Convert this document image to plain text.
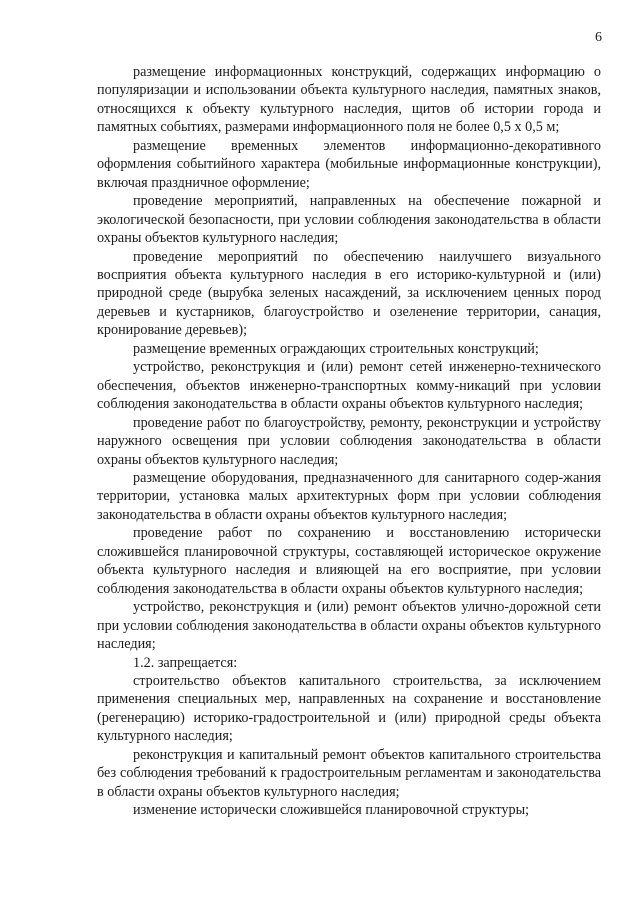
6

размещение информационных конструкций, содержащих информацию о популяризации и использовании объекта культурного наследия, памятных знаков, относящихся к объекту культурного наследия, щитов об истории города и памятных событиях, размерами информационного поля не более 0,5 х 0,5 м;

размещение временных элементов информационно-декоративного оформления событийного характера (мобильные информационные конструкции), включая праздничное оформление;

проведение мероприятий, направленных на обеспечение пожарной и экологической безопасности, при условии соблюдения законодательства в области охраны объектов культурного наследия;

проведение мероприятий по обеспечению наилучшего визуального восприятия объекта культурного наследия в его историко-культурной и (или) природной среде (вырубка зеленых насаждений, за исключением ценных пород деревьев и кустарников, благоустройство и озеленение территории, санация, кронирование деревьев);

размещение временных ограждающих строительных конструкций;

устройство, реконструкция и (или) ремонт сетей инженерно-технического обеспечения, объектов инженерно-транспортных комму-никаций при условии соблюдения законодательства в области охраны объектов культурного наследия;

проведение работ по благоустройству, ремонту, реконструкции и устройству наружного освещения при условии соблюдения законодательства в области охраны объектов культурного наследия;

размещение оборудования, предназначенного для санитарного содер-жания территории, установка малых архитектурных форм при условии соблюдения законодательства в области охраны объектов культурного наследия;

проведение работ по сохранению и восстановлению исторически сложившейся планировочной структуры, составляющей историческое окружение объекта культурного наследия и влияющей на его восприятие, при условии соблюдения законодательства в области охраны объектов культурного наследия;

устройство, реконструкция и (или) ремонт объектов улично-дорожной сети при условии соблюдения законодательства в области охраны объектов культурного наследия;

1.2. запрещается:

строительство объектов капитального строительства, за исключением применения специальных мер, направленных на сохранение и восстановление (регенерацию) историко-градостроительной и (или) природной среды объекта культурного наследия;

реконструкция и капитальный ремонт объектов капитального строительства без соблюдения требований к градостроительным регламентам и законодательства в области охраны объектов культурного наследия;

изменение исторически сложившейся планировочной структуры;
